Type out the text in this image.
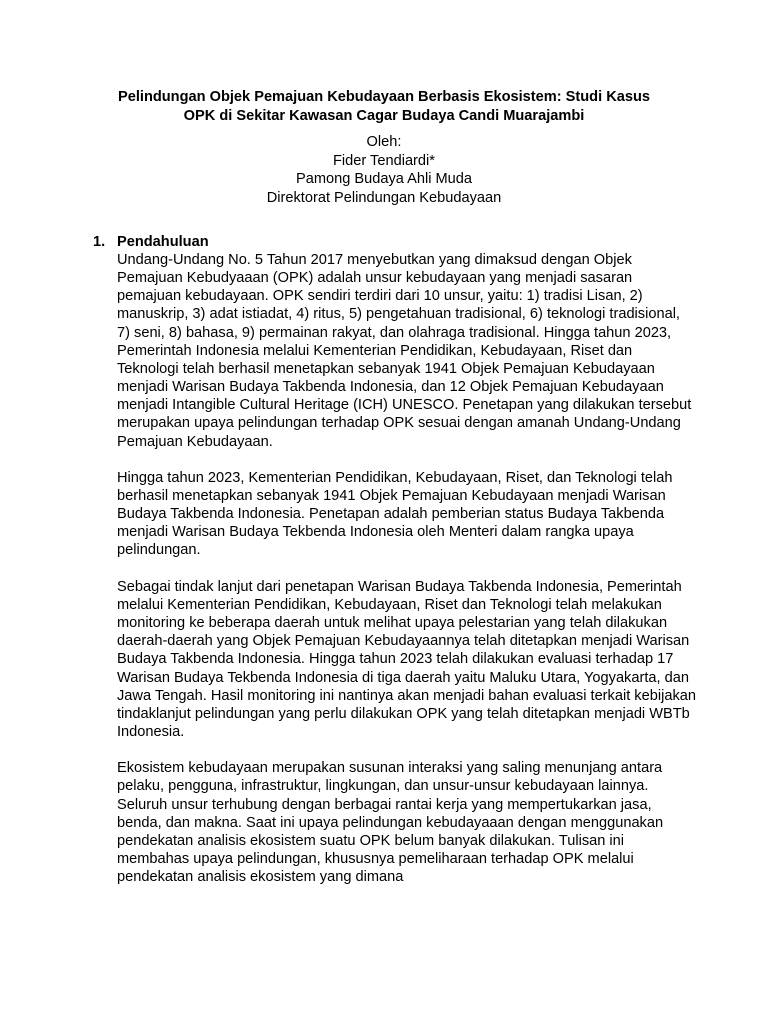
Pelindungan Objek Pemajuan Kebudayaan Berbasis Ekosistem: Studi Kasus
OPK di Sekitar Kawasan Cagar Budaya Candi Muarajambi
Oleh:
Fider Tendiardi*
Pamong Budaya Ahli Muda
Direktorat Pelindungan Kebudayaan
1. Pendahuluan

Undang-Undang No. 5 Tahun 2017 menyebutkan yang dimaksud dengan Objek Pemajuan Kebudyaaan (OPK) adalah unsur kebudayaan yang menjadi sasaran pemajuan kebudayaan. OPK sendiri terdiri dari 10 unsur, yaitu: 1) tradisi Lisan, 2) manuskrip, 3) adat istiadat, 4) ritus, 5) pengetahuan tradisional, 6) teknologi tradisional, 7) seni, 8) bahasa, 9) permainan rakyat, dan olahraga tradisional. Hingga tahun 2023, Pemerintah Indonesia melalui Kementerian Pendidikan, Kebudayaan, Riset dan Teknologi telah berhasil menetapkan sebanyak 1941 Objek Pemajuan Kebudayaan menjadi Warisan Budaya Takbenda Indonesia, dan 12 Objek Pemajuan Kebudayaan menjadi Intangible Cultural Heritage (ICH) UNESCO. Penetapan yang dilakukan tersebut merupakan upaya pelindungan terhadap OPK sesuai dengan amanah Undang-Undang Pemajuan Kebudayaan.

Hingga tahun 2023, Kementerian Pendidikan, Kebudayaan, Riset, dan Teknologi telah berhasil menetapkan sebanyak 1941 Objek Pemajuan Kebudayaan menjadi Warisan Budaya Takbenda Indonesia. Penetapan adalah pemberian status Budaya Takbenda menjadi Warisan Budaya Tekbenda Indonesia oleh Menteri dalam rangka upaya pelindungan.

Sebagai tindak lanjut dari penetapan Warisan Budaya Takbenda Indonesia, Pemerintah melalui Kementerian Pendidikan, Kebudayaan, Riset dan Teknologi telah melakukan monitoring ke beberapa daerah untuk melihat upaya pelestarian yang telah dilakukan daerah-daerah yang Objek Pemajuan Kebudayaannya telah ditetapkan menjadi Warisan Budaya Takbenda Indonesia. Hingga tahun 2023 telah dilakukan evaluasi terhadap 17 Warisan Budaya Tekbenda Indonesia di tiga daerah yaitu Maluku Utara, Yogyakarta, dan Jawa Tengah. Hasil monitoring ini nantinya akan menjadi bahan evaluasi terkait kebijakan tindaklanjut pelindungan yang perlu dilakukan OPK yang telah ditetapkan menjadi WBTb Indonesia.

Ekosistem kebudayaan merupakan susunan interaksi yang saling menunjang antara pelaku, pengguna, infrastruktur, lingkungan, dan unsur-unsur kebudayaan lainnya. Seluruh unsur terhubung dengan berbagai rantai kerja yang mempertukarkan jasa, benda, dan makna. Saat ini upaya pelindungan kebudayaaan dengan menggunakan pendekatan analisis ekosistem suatu OPK belum banyak dilakukan. Tulisan ini membahas upaya pelindungan, khususnya pemeliharaan terhadap OPK melalui pendekatan analisis ekosistem yang dimana
